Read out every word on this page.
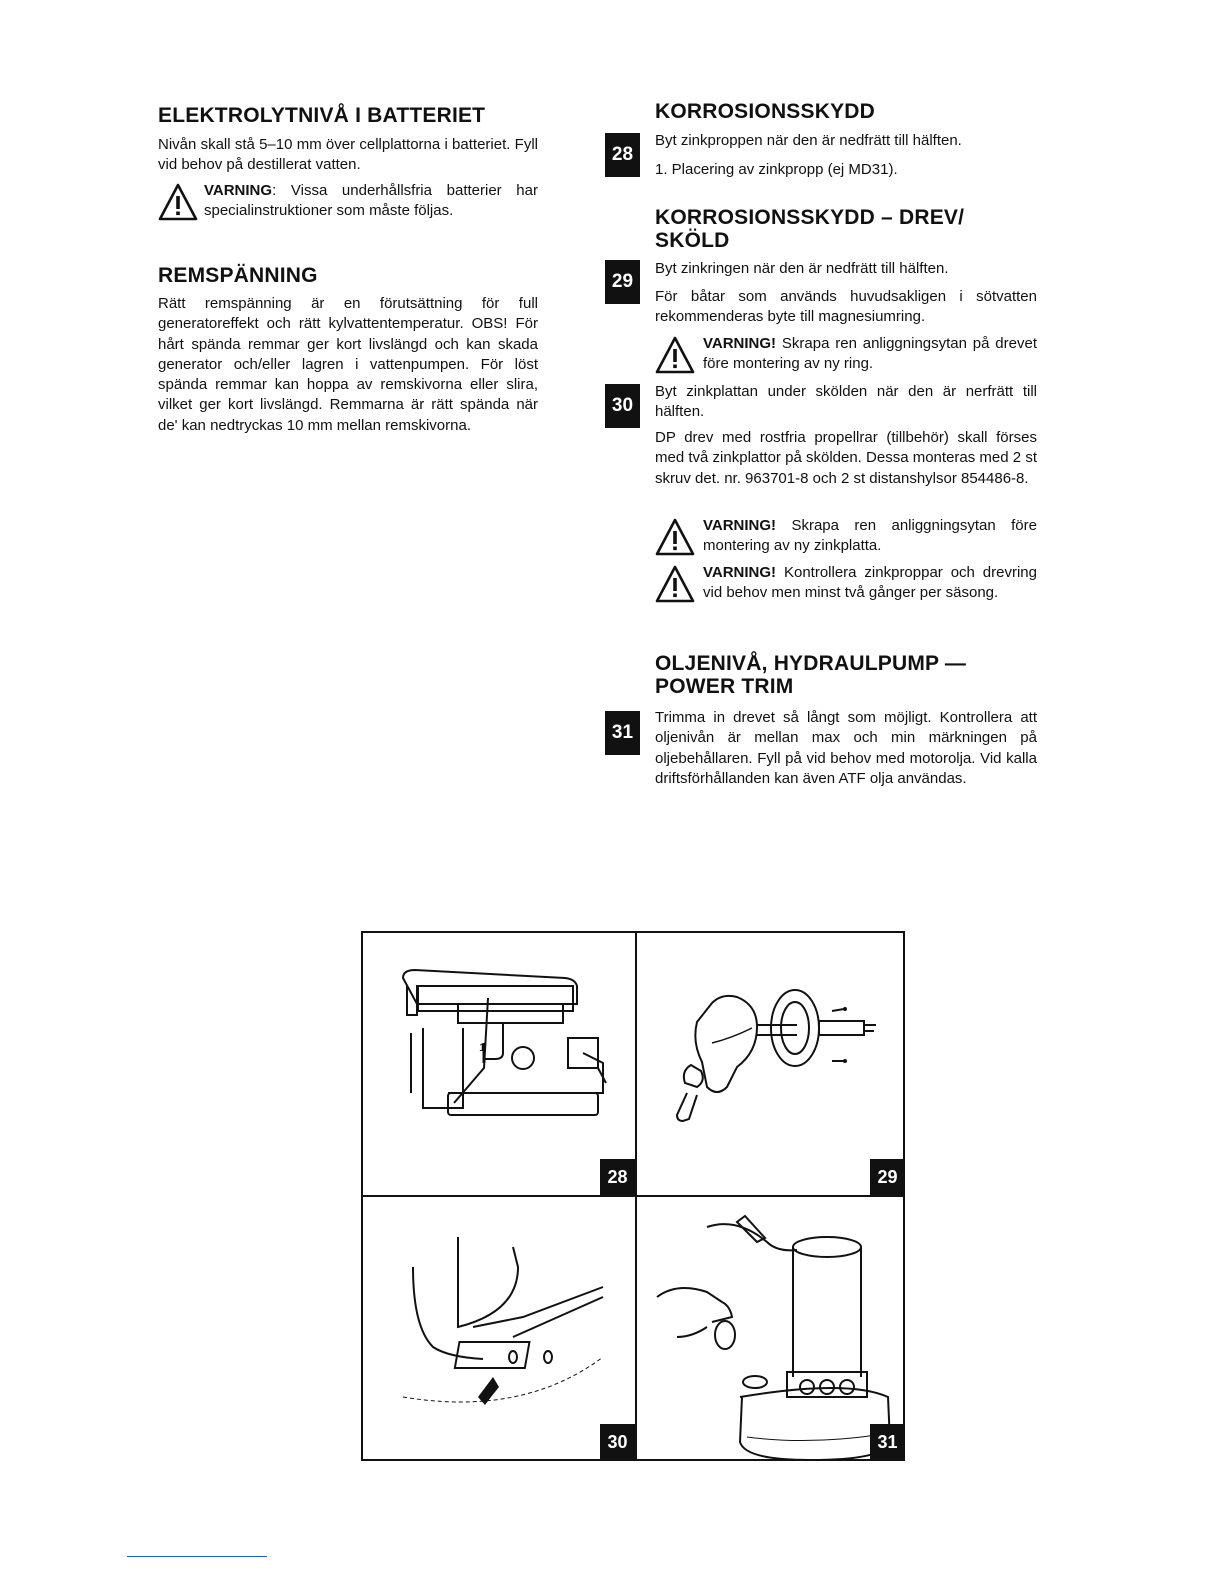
ELEKTROLYTNIVÅ I BATTERIET

Nivån skall stå 5–10 mm över cellplattorna i batteriet. Fyll vid behov på destillerat vatten.

VARNING: Vissa underhållsfria batterier har specialinstruktioner som måste följas.
REMSPÄNNING

Rätt remspänning är en förutsättning för full generatoreffekt och rätt kylvattentemperatur. OBS! För hårt spända remmar ger kort livslängd och kan skada generator och/eller lagren i vattenpumpen. För löst spända remmar kan hoppa av remskivorna eller slira, vilket ger kort livslängd. Remmarna är rätt spända när de' kan nedtryckas 10 mm mellan remskivorna.

KORROSIONSSKYDD
28

Byt zinkproppen när den är nedfrätt till hälften.

1. Placering av zinkpropp (ej MD31).

KORROSIONSSKYDD – DREV/
SKÖLD
29

Byt zinkringen när den är nedfrätt till hälften.

För båtar som används huvudsakligen i sötvatten rekommenderas byte till magnesiumring.

VARNING! Skrapa ren anliggningsytan på drevet före montering av ny ring.
30

Byt zinkplattan under skölden när den är nerfrätt till hälften.

DP drev med rostfria propellrar (tillbehör) skall förses med två zinkplattor på skölden. Dessa monteras med 2 st skruv det. nr. 963701-8 och 2 st distanshylsor 854486-8.

VARNING! Skrapa ren anliggningsytan före montering av ny zinkplatta.
VARNING! Kontrollera zinkproppar och drevring vid behov men minst två gånger per säsong.
OLJENIVÅ, HYDRAULPUMP —
POWER TRIM
31

Trimma in drevet så långt som möjligt. Kontrollera att oljenivån är mellan max och min märkningen på oljebehållaren. Fyll på vid behov med motorolja. Vid kalla driftsförhållanden kan även ATF olja användas.

1
28	29
30	31
